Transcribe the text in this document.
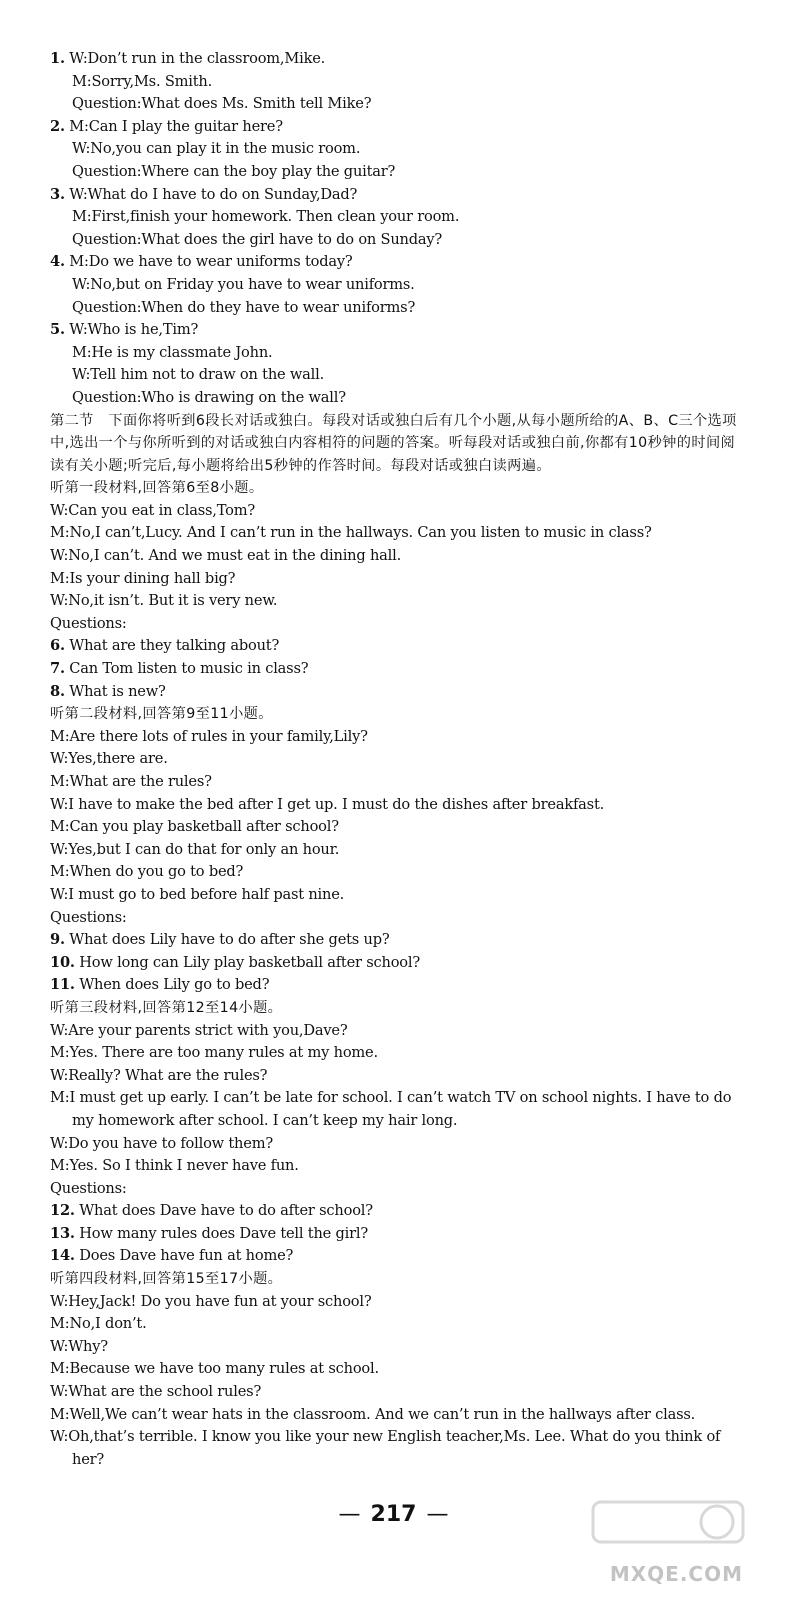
1. W:Don’t run in the classroom,Mike.
M:Sorry,Ms. Smith.
Question:What does Ms. Smith tell Mike?
2. M:Can I play the guitar here?
W:No,you can play it in the music room.
Question:Where can the boy play the guitar?
3. W:What do I have to do on Sunday,Dad?
M:First,finish your homework. Then clean your room.
Question:What does the girl have to do on Sunday?
4. M:Do we have to wear uniforms today?
W:No,but on Friday you have to wear uniforms.
Question:When do they have to wear uniforms?
5. W:Who is he,Tim?
M:He is my classmate John.
W:Tell him not to draw on the wall.
Question:Who is drawing on the wall?
第二节　下面你将听到6段长对话或独白。每段对话或独白后有几个小题,从每小题所给的A、B、C三个选项中,选出一个与你所听到的对话或独白内容相符的问题的答案。听每段对话或独白前,你都有10秒钟的时间阅读有关小题;听完后,每小题将给出5秒钟的作答时间。每段对话或独白读两遍。
听第一段材料,回答第6至8小题。
W:Can you eat in class,Tom?
M:No,I can’t,Lucy. And I can’t run in the hallways. Can you listen to music in class?
W:No,I can’t. And we must eat in the dining hall.
M:Is your dining hall big?
W:No,it isn’t. But it is very new.
Questions:
6. What are they talking about?
7. Can Tom listen to music in class?
8. What is new?
听第二段材料,回答第9至11小题。
M:Are there lots of rules in your family,Lily?
W:Yes,there are.
M:What are the rules?
W:I have to make the bed after I get up. I must do the dishes after breakfast.
M:Can you play basketball after school?
W:Yes,but I can do that for only an hour.
M:When do you go to bed?
W:I must go to bed before half past nine.
Questions:
9. What does Lily have to do after she gets up?
10. How long can Lily play basketball after school?
11. When does Lily go to bed?
听第三段材料,回答第12至14小题。
W:Are your parents strict with you,Dave?
M:Yes. There are too many rules at my home.
W:Really? What are the rules?
M:I must get up early. I can’t be late for school. I can’t watch TV on school nights. I have to do my homework after school. I can’t keep my hair long.
W:Do you have to follow them?
M:Yes. So I think I never have fun.
Questions:
12. What does Dave have to do after school?
13. How many rules does Dave tell the girl?
14. Does Dave have fun at home?
听第四段材料,回答第15至17小题。
W:Hey,Jack! Do you have fun at your school?
M:No,I don’t.
W:Why?
M:Because we have too many rules at school.
W:What are the school rules?
M:Well,We can’t wear hats in the classroom. And we can’t run in the hallways after class.
W:Oh,that’s terrible. I know you like your new English teacher,Ms. Lee. What do you think of her?
— 217 —
MXQE.COM
